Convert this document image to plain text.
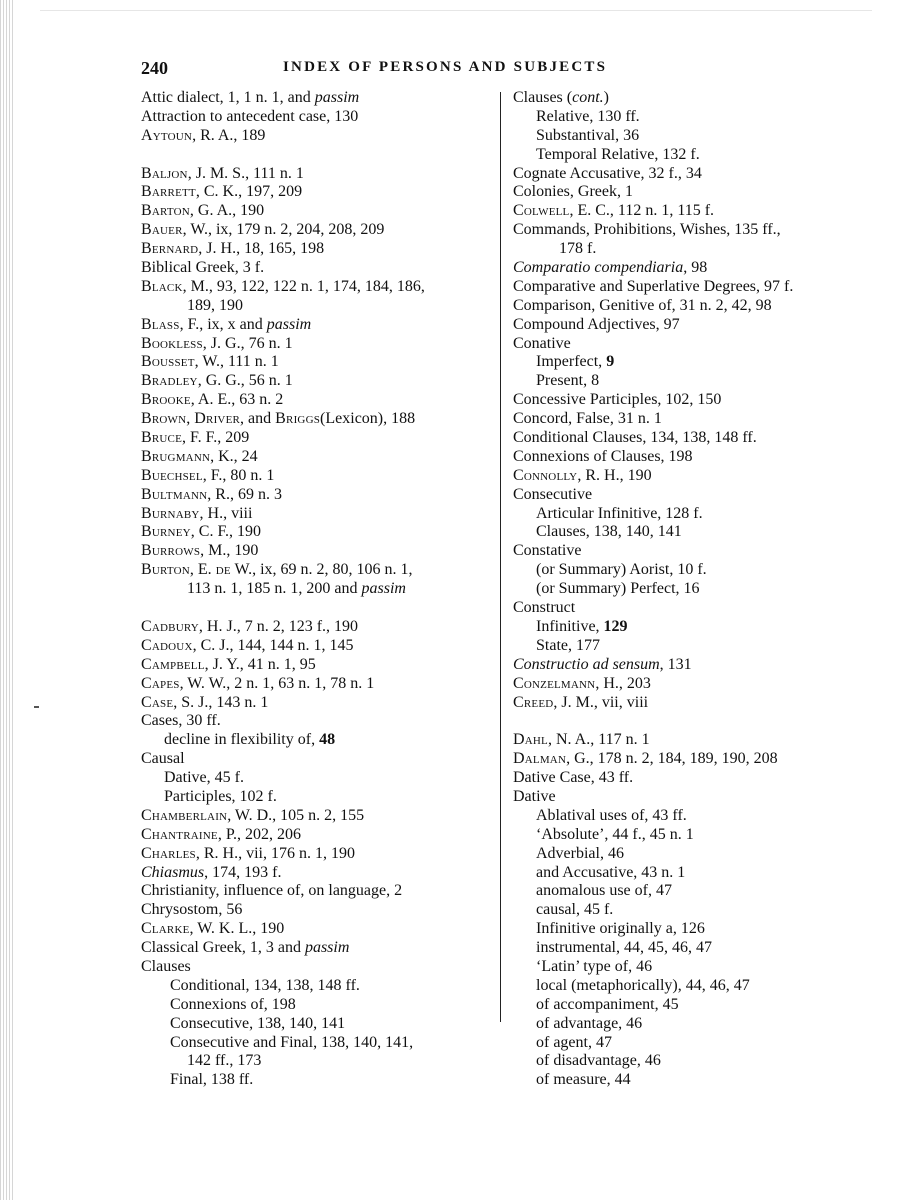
240	INDEX OF PERSONS AND SUBJECTS
Attic dialect, 1, 1 n. 1, and passim
Attraction to antecedent case, 130
Aytoun, R. A., 189
Baljon, J. M. S., 111 n. 1
Barrett, C. K., 197, 209
Barton, G. A., 190
Bauer, W., ix, 179 n. 2, 204, 208, 209
Bernard, J. H., 18, 165, 198
Biblical Greek, 3 f.
Black, M., 93, 122, 122 n. 1, 174, 184, 186,
189, 190
Blass, F., ix, x and passim
Bookless, J. G., 76 n. 1
Bousset, W., 111 n. 1
Bradley, G. G., 56 n. 1
Brooke, A. E., 63 n. 2
Brown, Driver, and Briggs(Lexicon), 188
Bruce, F. F., 209
Brugmann, K., 24
Buechsel, F., 80 n. 1
Bultmann, R., 69 n. 3
Burnaby, H., viii
Burney, C. F., 190
Burrows, M., 190
Burton, E. de W., ix, 69 n. 2, 80, 106 n. 1,
113 n. 1, 185 n. 1, 200 and passim
Cadbury, H. J., 7 n. 2, 123 f., 190
Cadoux, C. J., 144, 144 n. 1, 145
Campbell, J. Y., 41 n. 1, 95
Capes, W. W., 2 n. 1, 63 n. 1, 78 n. 1
Case, S. J., 143 n. 1
Cases, 30 ff.
decline in flexibility of, 48
Causal
Dative, 45 f.
Participles, 102 f.
Chamberlain, W. D., 105 n. 2, 155
Chantraine, P., 202, 206
Charles, R. H., vii, 176 n. 1, 190
Chiasmus, 174, 193 f.
Christianity, influence of, on language, 2
Chrysostom, 56
Clarke, W. K. L., 190
Classical Greek, 1, 3 and passim
Clauses
Conditional, 134, 138, 148 ff.
Connexions of, 198
Consecutive, 138, 140, 141
Consecutive and Final, 138, 140, 141,
142 ff., 173
Final, 138 ff.
Clauses (cont.)
Relative, 130 ff.
Substantival, 36
Temporal Relative, 132 f.
Cognate Accusative, 32 f., 34
Colonies, Greek, 1
Colwell, E. C., 112 n. 1, 115 f.
Commands, Prohibitions, Wishes, 135 ff.,
178 f.
Comparatio compendiaria, 98
Comparative and Superlative Degrees, 97 f.
Comparison, Genitive of, 31 n. 2, 42, 98
Compound Adjectives, 97
Conative
Imperfect, 9
Present, 8
Concessive Participles, 102, 150
Concord, False, 31 n. 1
Conditional Clauses, 134, 138, 148 ff.
Connexions of Clauses, 198
Connolly, R. H., 190
Consecutive
Articular Infinitive, 128 f.
Clauses, 138, 140, 141
Constative
(or Summary) Aorist, 10 f.
(or Summary) Perfect, 16
Construct
Infinitive, 129
State, 177
Constructio ad sensum, 131
Conzelmann, H., 203
Creed, J. M., vii, viii
Dahl, N. A., 117 n. 1
Dalman, G., 178 n. 2, 184, 189, 190, 208
Dative Case, 43 ff.
Dative
Ablatival uses of, 43 ff.
‘Absolute’, 44 f., 45 n. 1
Adverbial, 46
and Accusative, 43 n. 1
anomalous use of, 47
causal, 45 f.
Infinitive originally a, 126
instrumental, 44, 45, 46, 47
‘Latin’ type of, 46
local (metaphorically), 44, 46, 47
of accompaniment, 45
of advantage, 46
of agent, 47
of disadvantage, 46
of measure, 44
